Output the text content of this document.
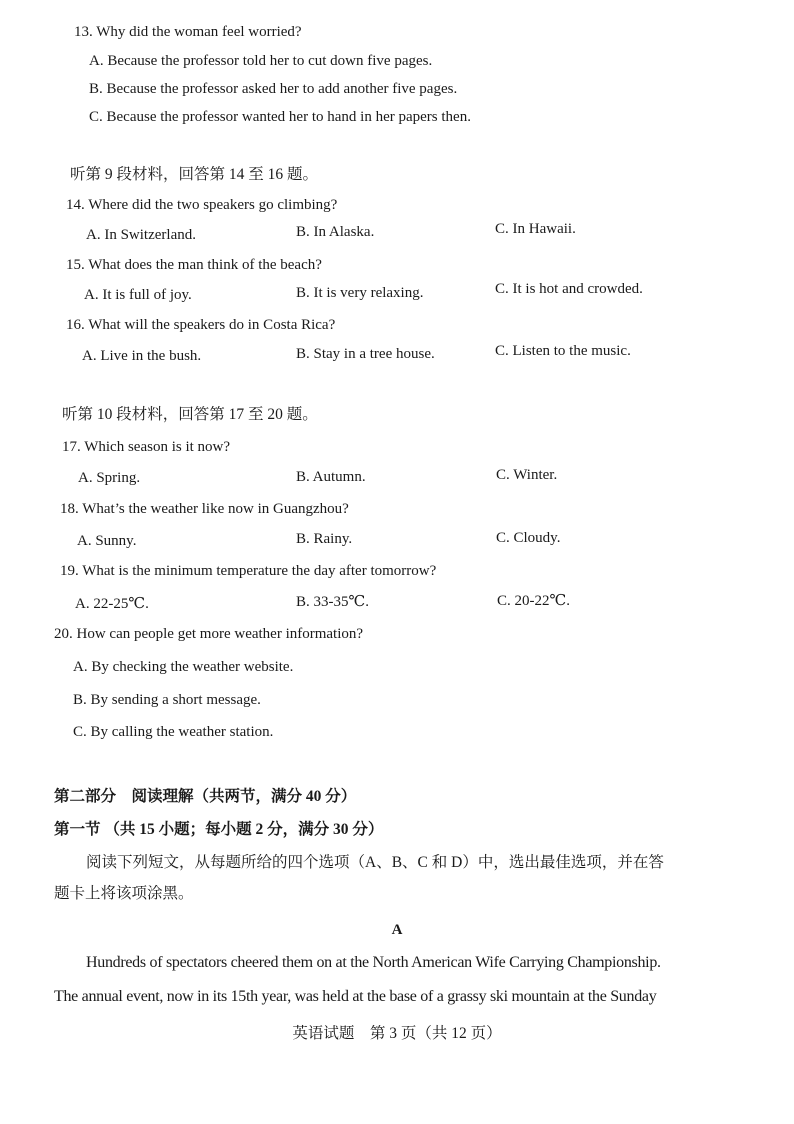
13. Why did the woman feel worried?
A. Because the professor told her to cut down five pages.
B. Because the professor asked her to add another five pages.
C. Because the professor wanted her to hand in her papers then.
听第 9 段材料，回答第 14 至 16 题。
14. Where did the two speakers go climbing?
A. In Switzerland.	B. In Alaska.	C. In Hawaii.
15. What does the man think of the beach?
A. It is full of joy.	B. It is very relaxing.	C. It is hot and crowded.
16. What will the speakers do in Costa Rica?
A. Live in the bush.	B. Stay in a tree house.	C. Listen to the music.
听第 10 段材料，回答第 17 至 20 题。
17. Which season is it now?
A. Spring.	B. Autumn.	C. Winter.
18. What’s the weather like now in Guangzhou?
A. Sunny.	B. Rainy.	C. Cloudy.
19. What is the minimum temperature the day after tomorrow?
A. 22-25℃.	B. 33-35℃.	C. 20-22℃.
20. How can people get more weather information?
A. By checking the weather website.
B. By sending a short message.
C. By calling the weather station.
第二部分　阅读理解（共两节，满分 40 分）
第一节 （共 15 小题；每小题 2 分，满分 30 分）
阅读下列短文，从每题所给的四个选项（A、B、C 和 D）中，选出最佳选项，并在答
题卡上将该项涂黑。
A
Hundreds of spectators cheered them on at the North American Wife Carrying Championship.
The annual event, now in its 15th year, was held at the base of a grassy ski mountain at the Sunday
英语试题　第 3 页（共 12 页）
